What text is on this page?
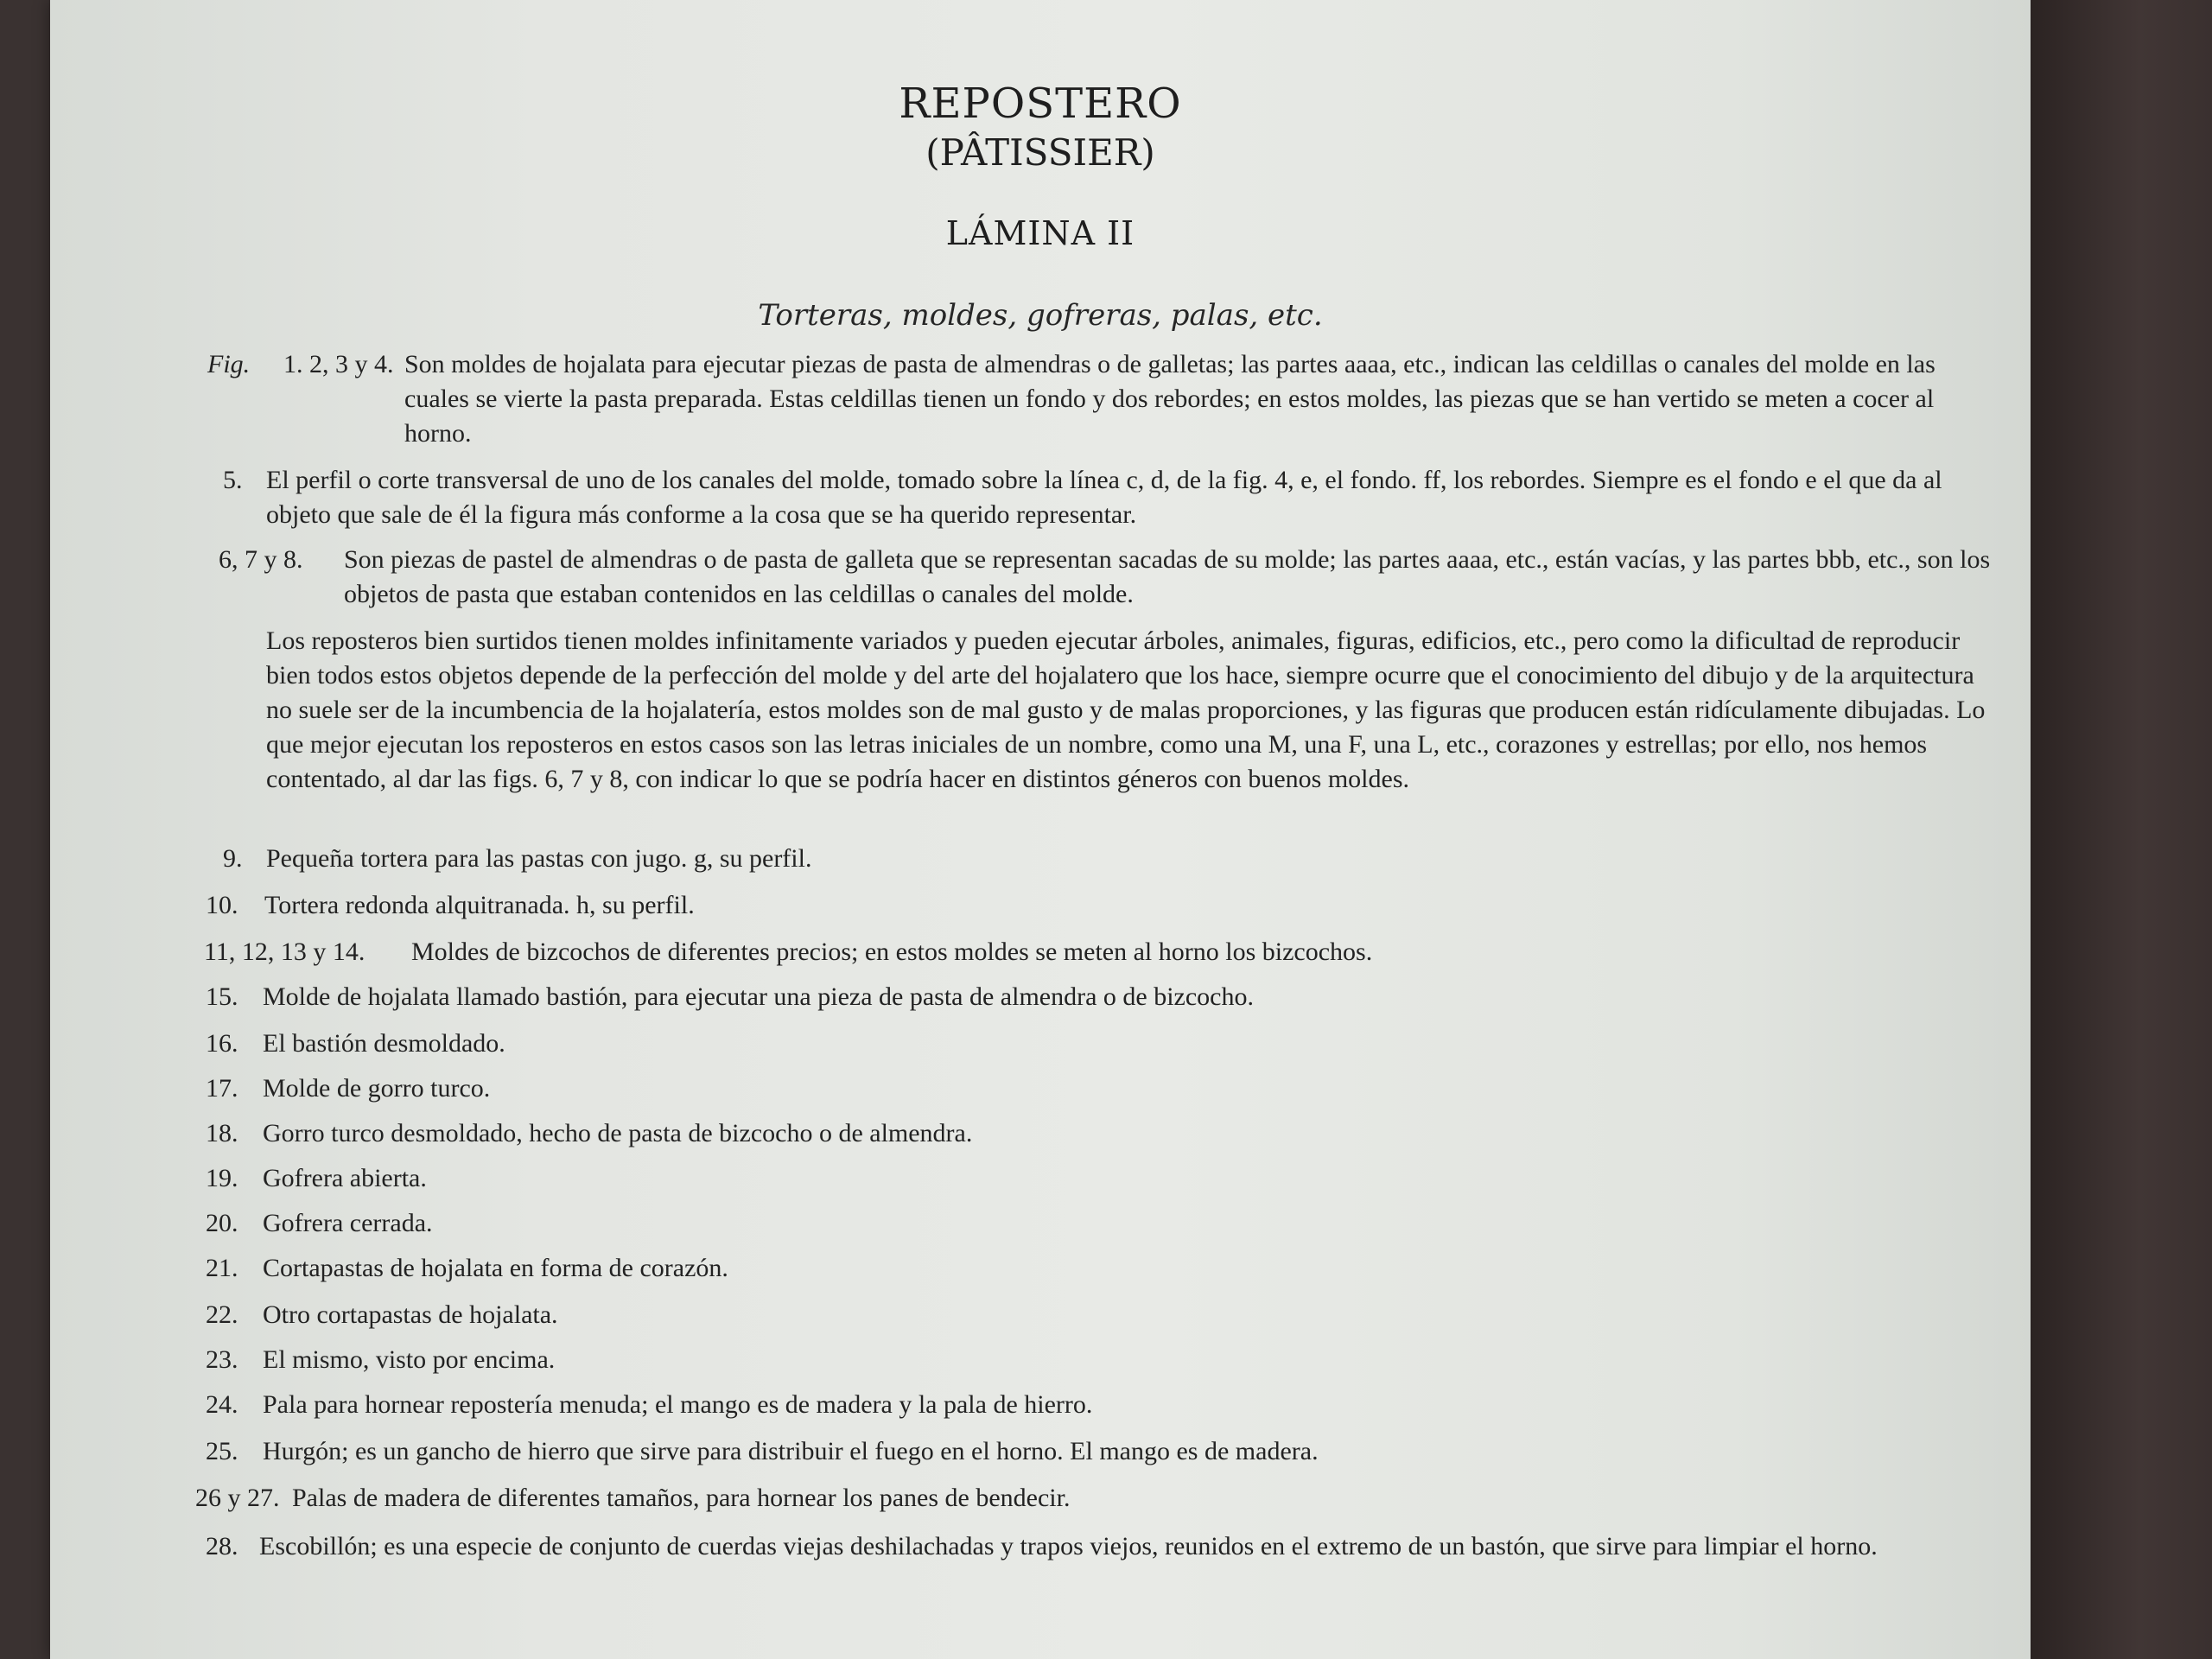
REPOSTERO
(PÂTISSIER)
LÁMINA II
Torteras, moldes, gofreras, palas, etc.
Fig. 1. 2, 3 y 4. Son moldes de hojalata para ejecutar piezas de pasta de almendras o de galletas; las partes aaaa, etc., indican las celdillas o canales del molde en las cuales se vierte la pasta preparada. Estas celdillas tienen un fondo y dos rebordes; en estos moldes, las piezas que se han vertido se meten a cocer al horno.
5. El perfil o corte transversal de uno de los canales del molde, tomado sobre la línea c, d, de la fig. 4, e, el fondo. ff, los rebordes. Siempre es el fondo e el que da al objeto que sale de él la figura más conforme a la cosa que se ha querido representar.
6, 7 y 8. Son piezas de pastel de almendras o de pasta de galleta que se representan sacadas de su molde; las partes aaaa, etc., están vacías, y las partes bbb, etc., son los objetos de pasta que estaban contenidos en las celdillas o canales del molde.
Los reposteros bien surtidos tienen moldes infinitamente variados y pueden ejecutar árboles, animales, figuras, edificios, etc., pero como la dificultad de reproducir bien todos estos objetos depende de la perfección del molde y del arte del hojalatero que los hace, siempre ocurre que el conocimiento del dibujo y de la arquitectura no suele ser de la incumbencia de la hojalatería, estos moldes son de mal gusto y de malas proporciones, y las figuras que producen están ridículamente dibujadas. Lo que mejor ejecutan los reposteros en estos casos son las letras iniciales de un nombre, como una M, una F, una L, etc., corazones y estrellas; por ello, nos hemos contentado, al dar las figs. 6, 7 y 8, con indicar lo que se podría hacer en distintos géneros con buenos moldes.
9. Pequeña tortera para las pastas con jugo. g, su perfil.
10. Tortera redonda alquitranada. h, su perfil.
11, 12, 13 y 14. Moldes de bizcochos de diferentes precios; en estos moldes se meten al horno los bizcochos.
15. Molde de hojalata llamado bastión, para ejecutar una pieza de pasta de almendra o de bizcocho.
16. El bastión desmoldado.
17. Molde de gorro turco.
18. Gorro turco desmoldado, hecho de pasta de bizcocho o de almendra.
19. Gofrera abierta.
20. Gofrera cerrada.
21. Cortapastas de hojalata en forma de corazón.
22. Otro cortapastas de hojalata.
23. El mismo, visto por encima.
24. Pala para hornear repostería menuda; el mango es de madera y la pala de hierro.
25. Hurgón; es un gancho de hierro que sirve para distribuir el fuego en el horno. El mango es de madera.
26 y 27. Palas de madera de diferentes tamaños, para hornear los panes de bendecir.
28. Escobillón; es una especie de conjunto de cuerdas viejas deshilachadas y trapos viejos, reunidos en el extremo de un bastón, que sirve para limpiar el horno.
